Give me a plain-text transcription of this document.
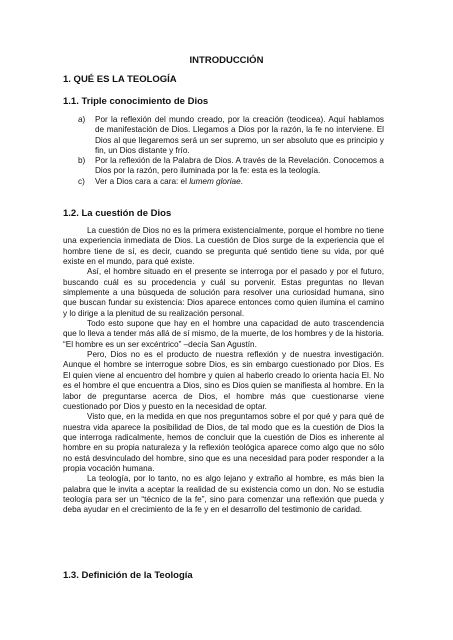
INTRODUCCIÓN
1. QUÉ ES LA TEOLOGÍA
1.1. Triple conocimiento de Dios
a)	Por la reflexión del mundo creado, por la creación (teodicea). Aquí hablamos de manifestación de Dios. Llegamos a Dios por la razón, la fe no interviene. El Dios al que llegaremos será un ser supremo, un ser absoluto que es principio y fin, un Dios distante y frío.
b)	Por la reflexión de la Palabra de Dios. A través de la Revelación. Conocemos a Dios por la razón, pero iluminada por la fe: esta es la teología.
c)	Ver a Dios cara a cara: el lumem gloriae.
1.2. La cuestión de Dios

La cuestión de Dios no es la primera existencialmente, porque el hombre no tiene una experiencia inmediata de Dios. La cuestión de Dios surge de la experiencia que el hombre tiene de sí, es decir, cuando se pregunta qué sentido tiene su vida, por qué existe en el mundo, para qué existe.

Así, el hombre situado en el presente se interroga por el pasado y por el futuro, buscando cuál es su procedencia y cuál su porvenir. Estas preguntas no llevan simplemente a una búsqueda de solución para resolver una curiosidad humana, sino que buscan fundar su existencia: Dios aparece entonces como quien ilumina el camino y lo dirige a la plenitud de su realización personal.

Todo esto supone que hay en el hombre una capacidad de auto trascendencia que lo lleva a tender más allá de sí mismo, de la muerte, de los hombres y de la historia. “El hombre es un ser excéntrico” –decía San Agustín.

Pero, Dios no es el producto de nuestra reflexión y de nuestra investigación. Aunque el hombre se interrogue sobre Dios, es sin embargo cuestionado por Dios. Es El quien viene al encuentro del hombre y quien al haberlo creado lo orienta hacia El. No es el hombre el que encuentra a Dios, sino es Dios quien se manifiesta al hombre. En la labor de preguntarse acerca de Dios, el hombre más que cuestionarse viene cuestionado por Dios y puesto en la necesidad de optar.

Visto que, en la medida en que nos preguntamos sobre el por qué y para qué de nuestra vida aparece la posibilidad de Dios, de tal modo que es la cuestión de Dios la que interroga radicalmente, hemos de concluir que la cuestión de Dios es inherente al hombre en su propia naturaleza y la reflexión teológica aparece como algo que no sólo no está desvinculado del hombre, sino que es una necesidad para poder responder a la propia vocación humana.

La teología, por lo tanto, no es algo lejano y extraño al hombre, es más bien la palabra que le invita a aceptar la realidad de su existencia como un don. No se estudia teología para ser un “técnico de la fe”, sino para comenzar una reflexión que pueda y deba ayudar en el crecimiento de la fe y en el desarrollo del testimonio de caridad.

1.3. Definición de la Teología
